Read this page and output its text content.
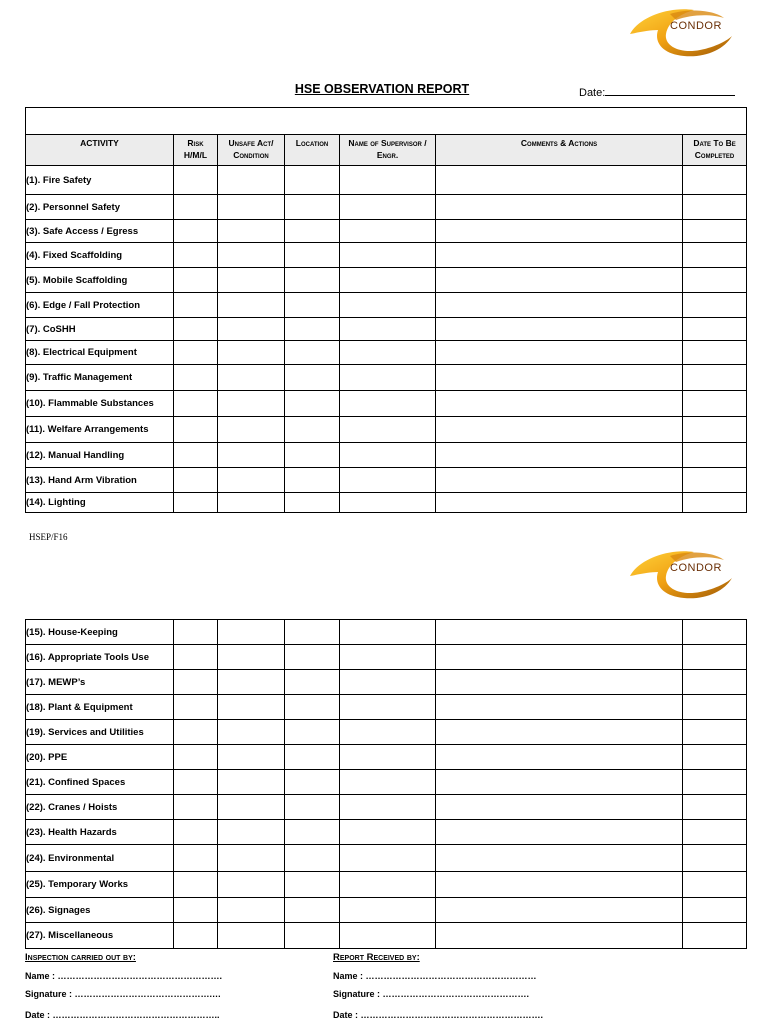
CONDOR
HSE OBSERVATION REPORT	Date:

ACTIVITY	Risk H/M/L	Unsafe Act/ Condition	Location	Name of Supervisor / Engr.	Comments & Actions	Date To Be Completed
(1). Fire Safety						
(2). Personnel Safety						
(3). Safe Access / Egress						
(4). Fixed Scaffolding						
(5). Mobile Scaffolding						
(6). Edge / Fall Protection						
(7). CoSHH						
(8). Electrical Equipment						
(9). Traffic Management						
(10). Flammable Substances						
(11). Welfare Arrangements						
(12). Manual Handling						
(13). Hand Arm Vibration						
(14). Lighting						
HSEP/F16
CONDOR
(15). House-Keeping						
(16). Appropriate Tools Use						
(17). MEWP’s						
(18). Plant & Equipment						
(19). Services and Utilities						
(20). PPE						
(21). Confined Spaces						
(22). Cranes / Hoists						
(23). Health Hazards						
(24). Environmental						
(25). Temporary Works						
(26). Signages						
(27). Miscellaneous						
Inspection carried out by:
Name : ……………………………………………….
Signature : ……………………………………….…
Date : ………………………………………………..
Report Received by:
Name : …………………………………………………
Signature : ………………………………………….
Date : …………………………………………………….
